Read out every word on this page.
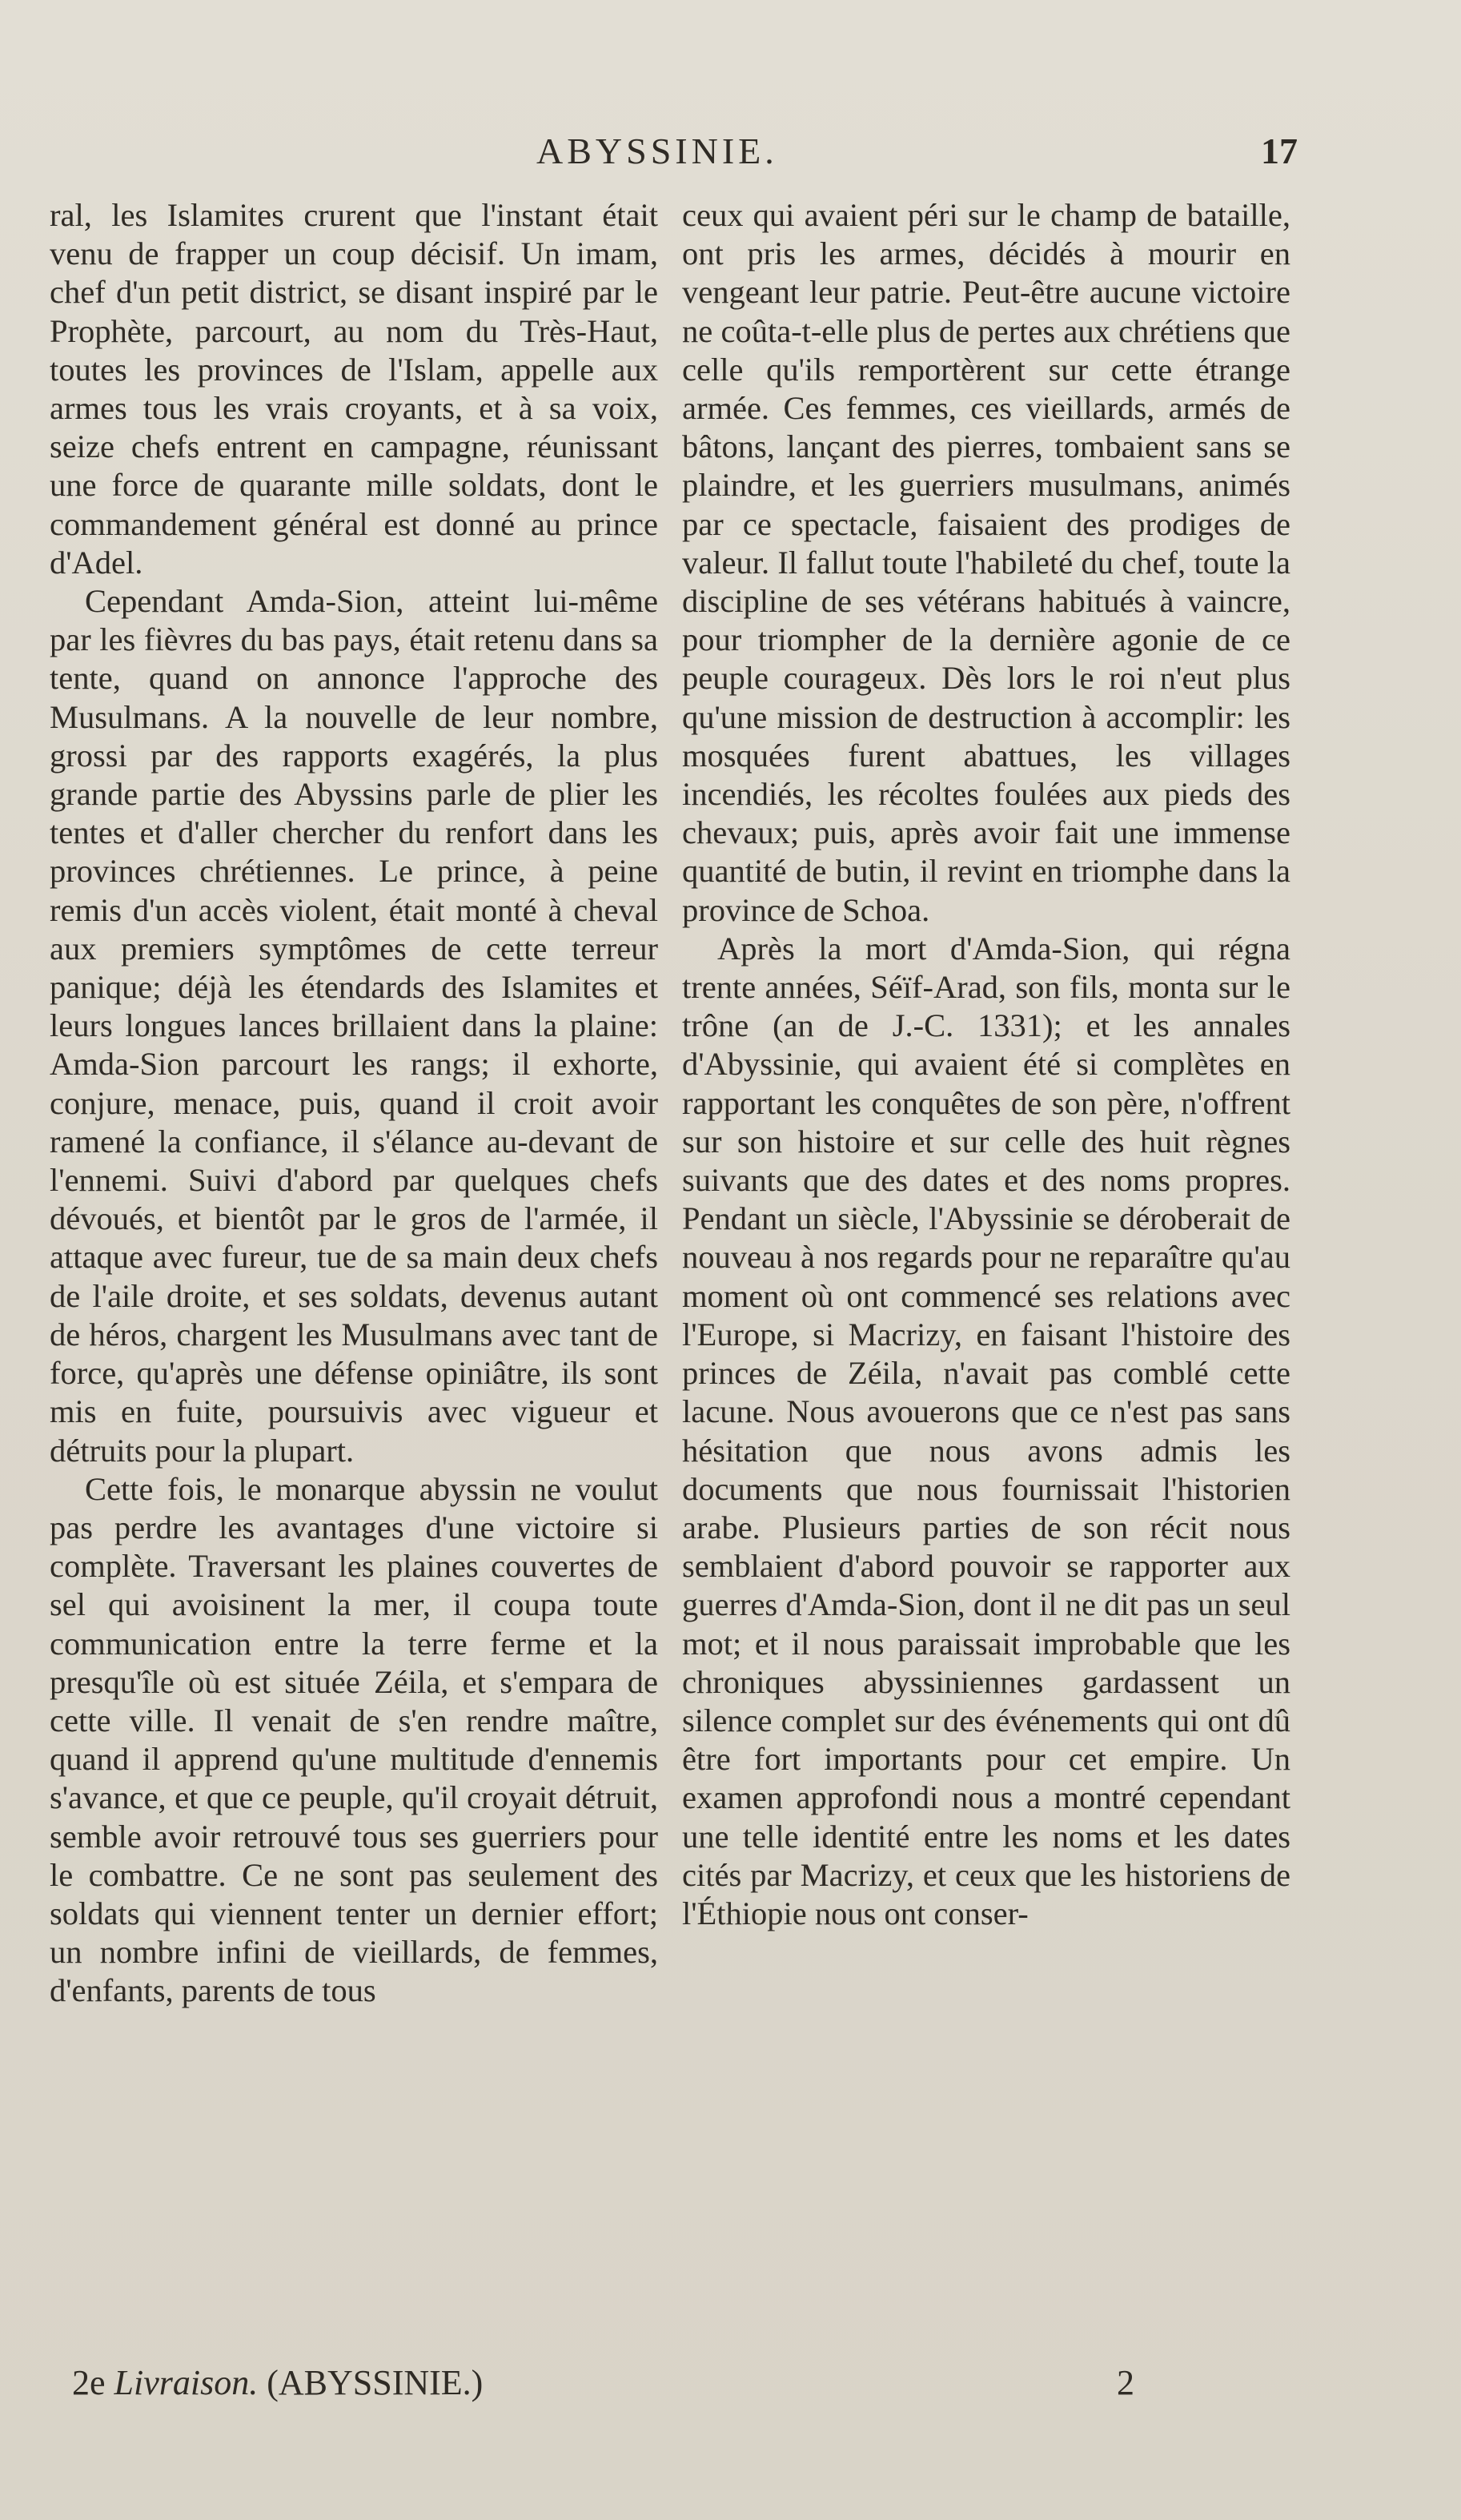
ABYSSINIE.	17

ral, les Islamites crurent que l'instant était venu de frapper un coup décisif. Un imam, chef d'un petit district, se disant inspiré par le Prophète, parcourt, au nom du Très-Haut, toutes les provinces de l'Islam, appelle aux armes tous les vrais croyants, et à sa voix, seize chefs entrent en campagne, réunissant une force de quarante mille soldats, dont le commandement général est donné au prince d'Adel.

Cependant Amda-Sion, atteint lui-même par les fièvres du bas pays, était retenu dans sa tente, quand on annonce l'approche des Musulmans. A la nouvelle de leur nombre, grossi par des rapports exagérés, la plus grande partie des Abyssins parle de plier les tentes et d'aller chercher du renfort dans les provinces chrétiennes. Le prince, à peine remis d'un accès violent, était monté à cheval aux premiers symptômes de cette terreur panique; déjà les étendards des Islamites et leurs longues lances brillaient dans la plaine: Amda-Sion parcourt les rangs; il exhorte, conjure, menace, puis, quand il croit avoir ramené la confiance, il s'élance au-devant de l'ennemi. Suivi d'abord par quelques chefs dévoués, et bientôt par le gros de l'armée, il attaque avec fureur, tue de sa main deux chefs de l'aile droite, et ses soldats, devenus autant de héros, chargent les Musulmans avec tant de force, qu'après une défense opiniâtre, ils sont mis en fuite, poursuivis avec vigueur et détruits pour la plupart.

Cette fois, le monarque abyssin ne voulut pas perdre les avantages d'une victoire si complète. Traversant les plaines couvertes de sel qui avoisinent la mer, il coupa toute communication entre la terre ferme et la presqu'île où est située Zéila, et s'empara de cette ville. Il venait de s'en rendre maître, quand il apprend qu'une multitude d'ennemis s'avance, et que ce peuple, qu'il croyait détruit, semble avoir retrouvé tous ses guerriers pour le combattre. Ce ne sont pas seulement des soldats qui viennent tenter un dernier effort; un nombre infini de vieillards, de femmes, d'enfants, parents de tous

ceux qui avaient péri sur le champ de bataille, ont pris les armes, décidés à mourir en vengeant leur patrie. Peut-être aucune victoire ne coûta-t-elle plus de pertes aux chrétiens que celle qu'ils remportèrent sur cette étrange armée. Ces femmes, ces vieillards, armés de bâtons, lançant des pierres, tombaient sans se plaindre, et les guerriers musulmans, animés par ce spectacle, faisaient des prodiges de valeur. Il fallut toute l'habileté du chef, toute la discipline de ses vétérans habitués à vaincre, pour triompher de la dernière agonie de ce peuple courageux. Dès lors le roi n'eut plus qu'une mission de destruction à accomplir: les mosquées furent abattues, les villages incendiés, les récoltes foulées aux pieds des chevaux; puis, après avoir fait une immense quantité de butin, il revint en triomphe dans la province de Schoa.

Après la mort d'Amda-Sion, qui régna trente années, Séïf-Arad, son fils, monta sur le trône (an de J.-C. 1331); et les annales d'Abyssinie, qui avaient été si complètes en rapportant les conquêtes de son père, n'offrent sur son histoire et sur celle des huit règnes suivants que des dates et des noms propres. Pendant un siècle, l'Abyssinie se déroberait de nouveau à nos regards pour ne reparaître qu'au moment où ont commencé ses relations avec l'Europe, si Macrizy, en faisant l'histoire des princes de Zéila, n'avait pas comblé cette lacune. Nous avouerons que ce n'est pas sans hésitation que nous avons admis les documents que nous fournissait l'historien arabe. Plusieurs parties de son récit nous semblaient d'abord pouvoir se rapporter aux guerres d'Amda-Sion, dont il ne dit pas un seul mot; et il nous paraissait improbable que les chroniques abyssiniennes gardassent un silence complet sur des événements qui ont dû être fort importants pour cet empire. Un examen approfondi nous a montré cependant une telle identité entre les noms et les dates cités par Macrizy, et ceux que les historiens de l'Éthiopie nous ont conser-

2e Livraison. (ABYSSINIE.)	2
